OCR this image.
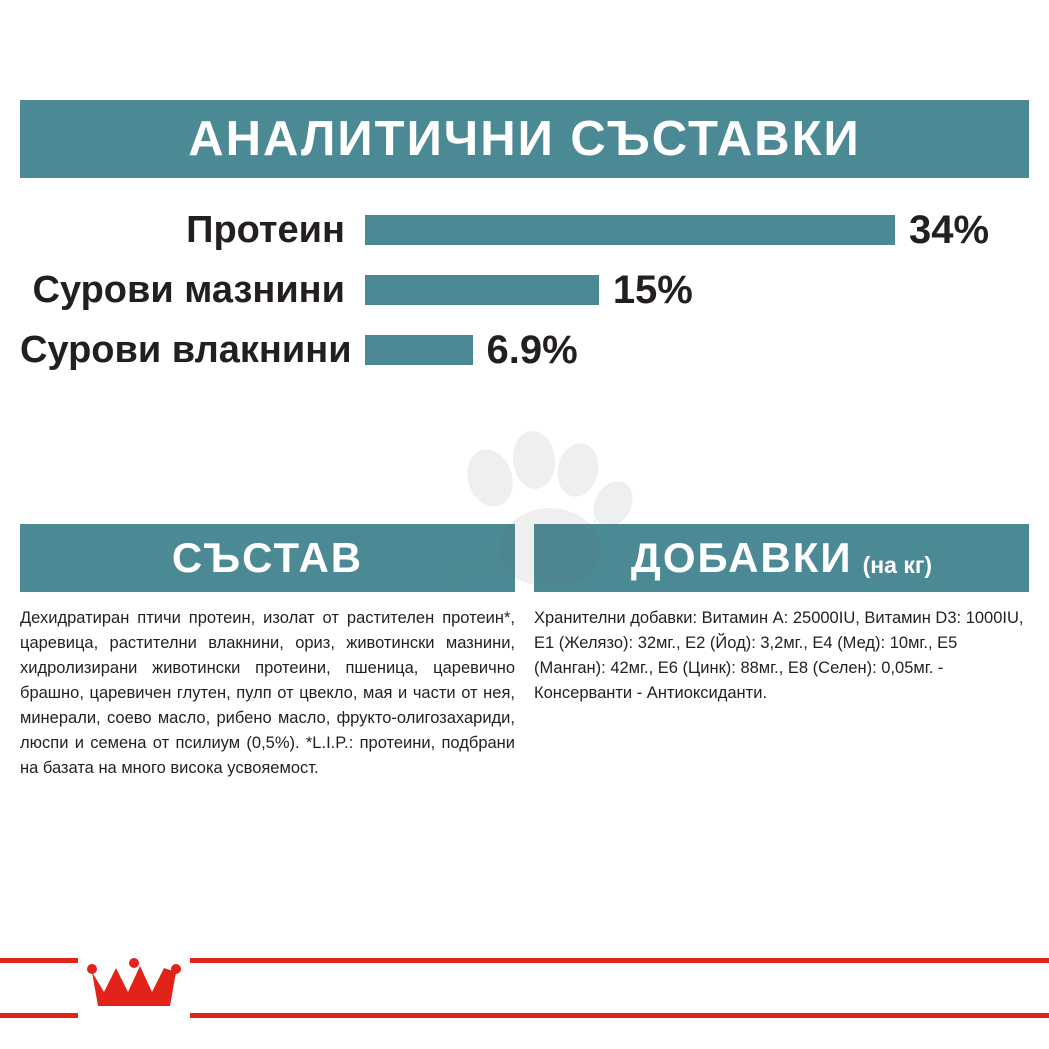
zoomagazin.eu
АНАЛИТИЧНИ СЪСТАВКИ
Протеин	34%
Сурови мазнини	15%
Сурови влакнини	6.9%
СЪСТАВ
Дехидратиран птичи протеин, изолат от растителен протеин*, царевица, растителни влакнини, ориз, животински мазнини, хидролизирани животински протеини, пшеница, царевично брашно, царевичен глутен, пулп от цвекло, мая и части от нея, минерали, соево масло, рибено масло, фрукто-олигозахариди, люспи и семена от псилиум (0,5%). *L.I.P.: протеини, подбрани на базата на много висока усвояемост.
ДОБАВКИ (на кг)
Хранителни добавки: Витамин A: 25000IU, Витамин D3: 1000IU, E1 (Желязо): 32мг., E2 (Йод): 3,2мг., E4 (Мед): 10мг., E5 (Манган): 42мг., E6 (Цинк): 88мг., E8 (Селен): 0,05мг. - Консерванти - Антиоксиданти.
